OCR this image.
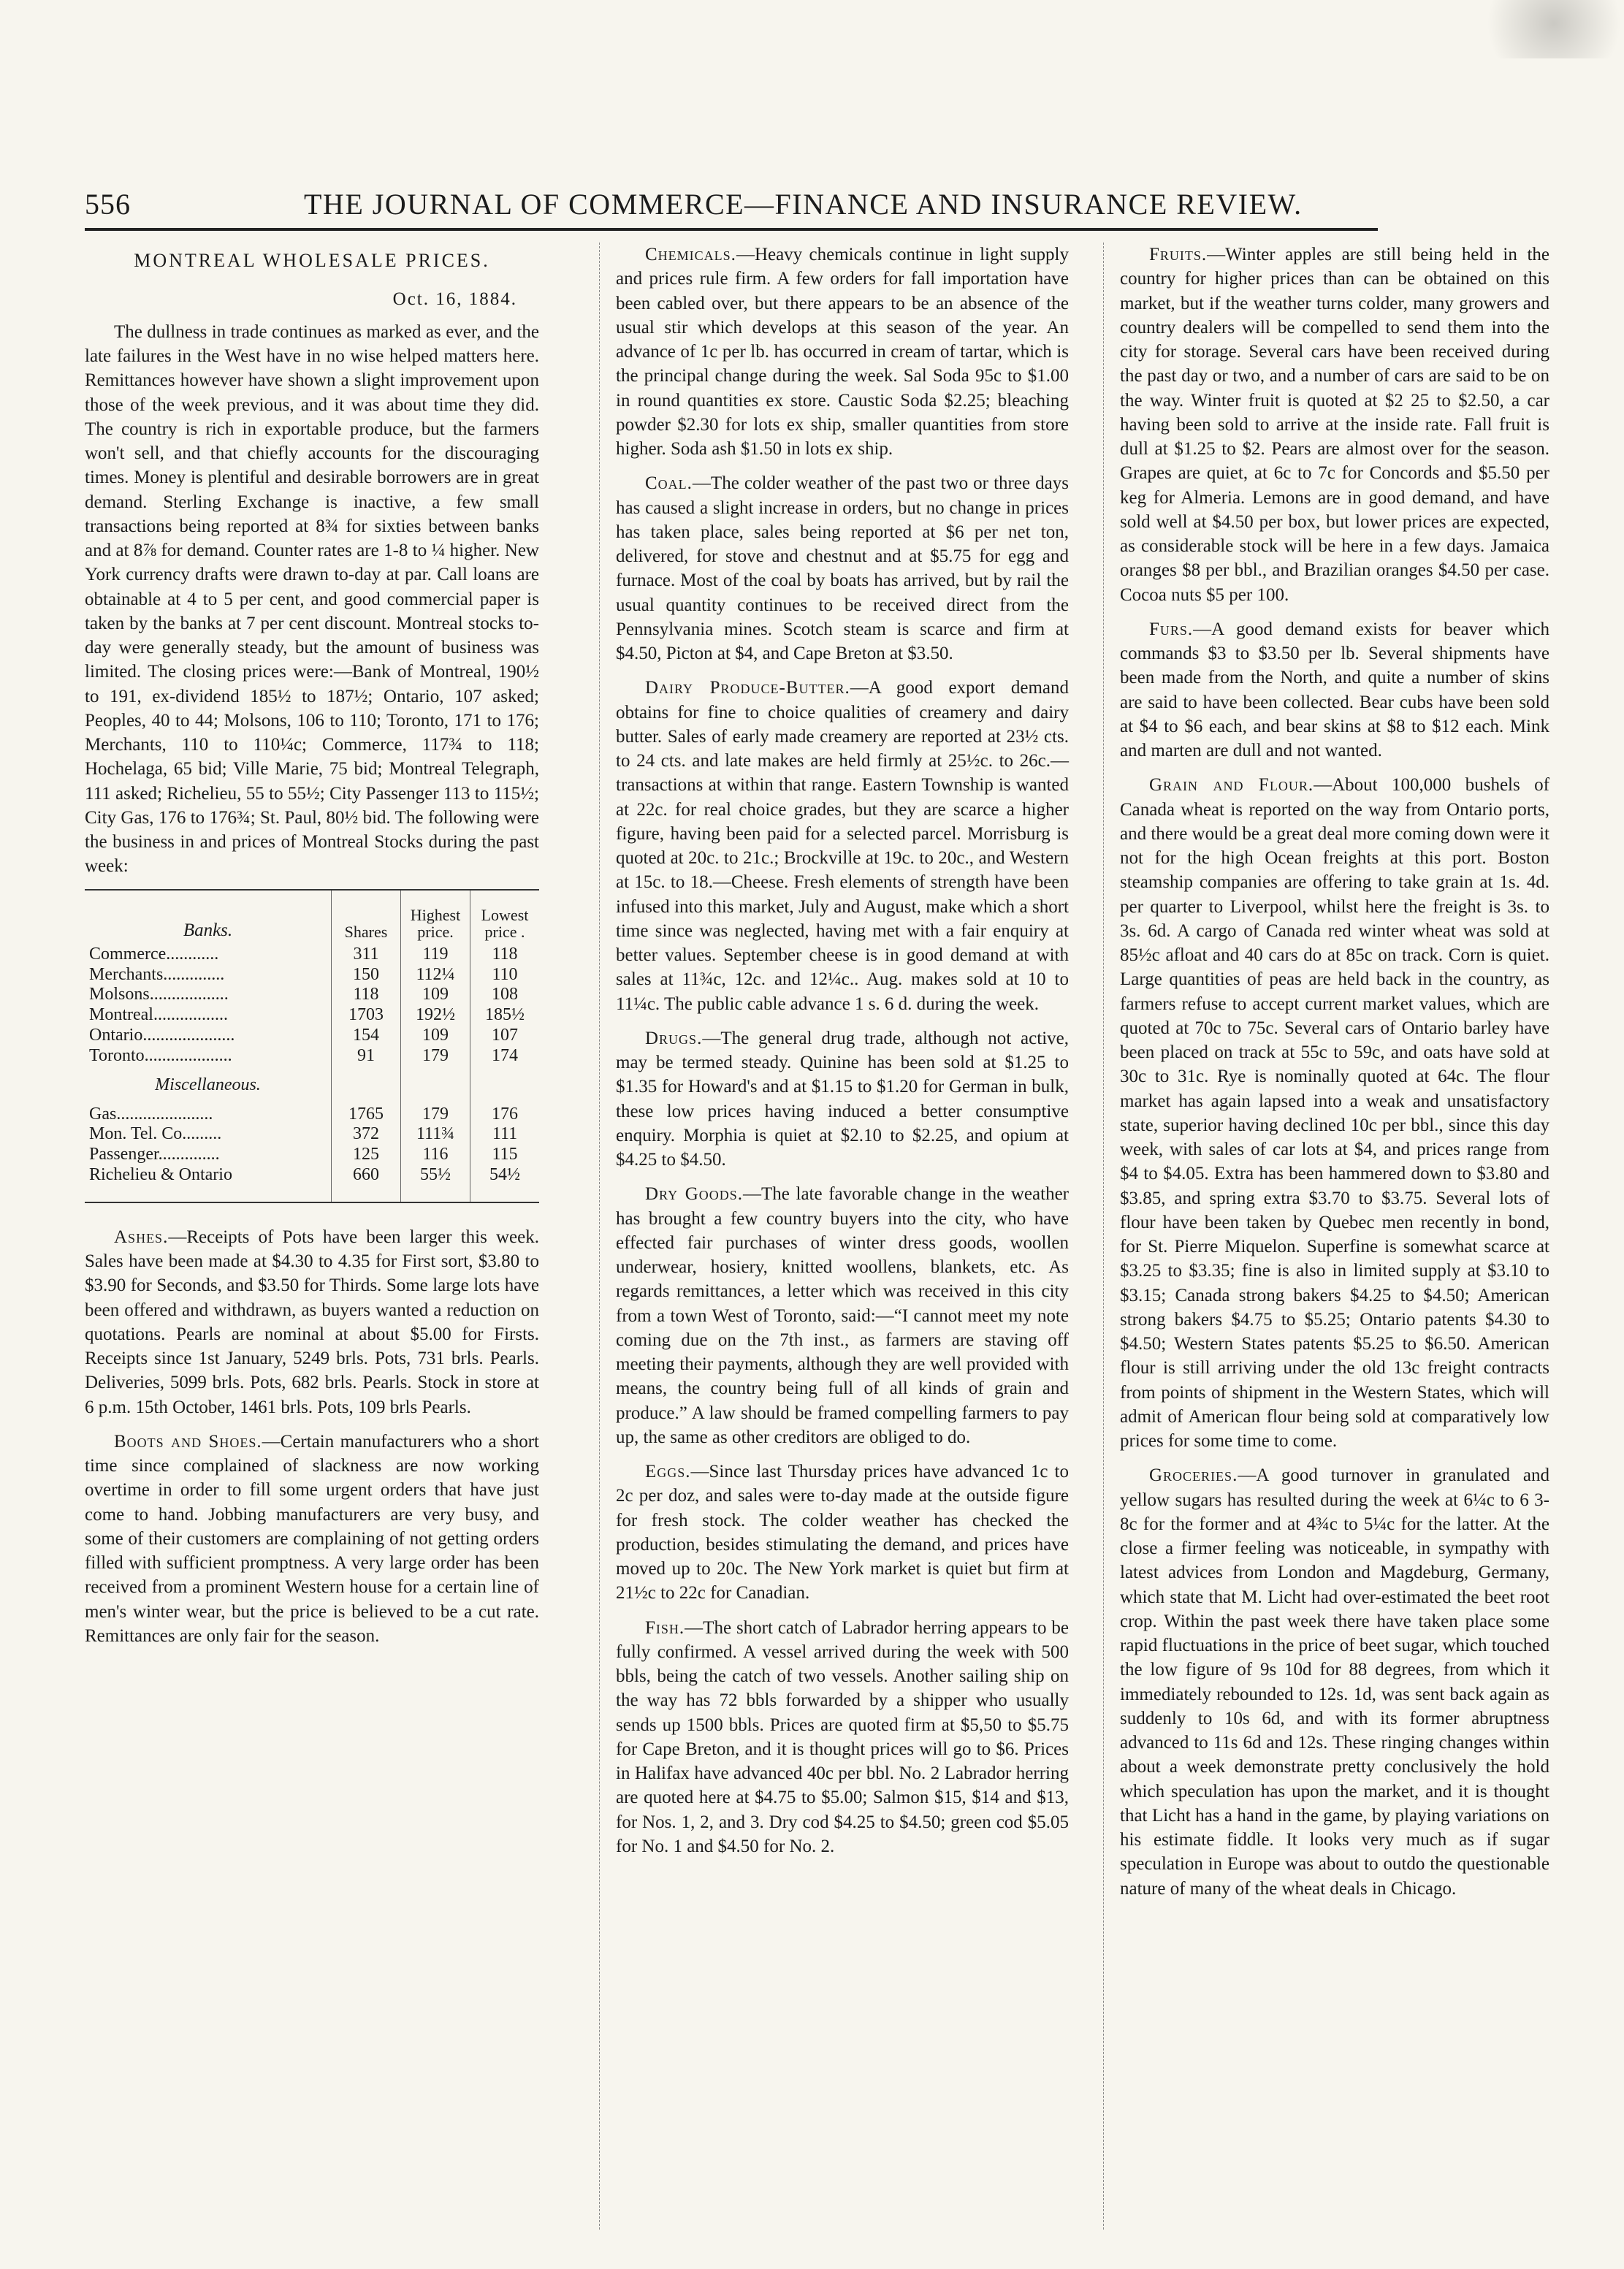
556	THE JOURNAL OF COMMERCE—FINANCE AND INSURANCE REVIEW.
MONTREAL WHOLESALE PRICES.
Oct. 16, 1884.

The dullness in trade continues as marked as ever, and the late failures in the West have in no wise helped matters here. Remittances however have shown a slight improvement upon those of the week previous, and it was about time they did. The country is rich in exportable produce, but the farmers won't sell, and that chiefly accounts for the discouraging times. Money is plentiful and desirable borrowers are in great demand. Sterling Exchange is inactive, a few small transactions being reported at 8¾ for sixties between banks and at 8⅞ for demand. Counter rates are 1-8 to ¼ higher. New York currency drafts were drawn to-day at par. Call loans are obtainable at 4 to 5 per cent, and good commercial paper is taken by the banks at 7 per cent discount. Montreal stocks to-day were generally steady, but the amount of business was limited. The closing prices were:—Bank of Montreal, 190½ to 191, ex-dividend 185½ to 187½; Ontario, 107 asked; Peoples, 40 to 44; Molsons, 106 to 110; Toronto, 171 to 176; Merchants, 110 to 110¼c; Commerce, 117¾ to 118; Hochelaga, 65 bid; Ville Marie, 75 bid; Montreal Telegraph, 111 asked; Richelieu, 55 to 55½; City Passenger 113 to 115½; City Gas, 176 to 176¾; St. Paul, 80½ bid. The following were the business in and prices of Montreal Stocks during the past week:

Banks.	Shares	Highest price.	Lowest price .
Commerce............	311	119	118
Merchants..............	150	112¼	110
Molsons..................	118	109	108
Montreal.................	1703	192½	185½
Ontario.....................	154	109	107
Toronto....................	91	179	174
Miscellaneous.			
Gas......................	1765	179	176
Mon. Tel. Co.........	372	111¾	111
Passenger..............	125	116	115
Richelieu & Ontario	660	55½	54½

Ashes.—Receipts of Pots have been larger this week. Sales have been made at $4.30 to 4.35 for First sort, $3.80 to $3.90 for Seconds, and $3.50 for Thirds. Some large lots have been offered and withdrawn, as buyers wanted a reduction on quotations. Pearls are nominal at about $5.00 for Firsts. Receipts since 1st January, 5249 brls. Pots, 731 brls. Pearls. Deliveries, 5099 brls. Pots, 682 brls. Pearls. Stock in store at 6 p.m. 15th October, 1461 brls. Pots, 109 brls Pearls.

Boots and Shoes.—Certain manufacturers who a short time since complained of slackness are now working overtime in order to fill some urgent orders that have just come to hand. Jobbing manufacturers are very busy, and some of their customers are complaining of not getting orders filled with sufficient promptness. A very large order has been received from a prominent Western house for a certain line of men's winter wear, but the price is believed to be a cut rate. Remittances are only fair for the season.

Chemicals.—Heavy chemicals continue in light supply and prices rule firm. A few orders for fall importation have been cabled over, but there appears to be an absence of the usual stir which develops at this season of the year. An advance of 1c per lb. has occurred in cream of tartar, which is the principal change during the week. Sal Soda 95c to $1.00 in round quantities ex store. Caustic Soda $2.25; bleaching powder $2.30 for lots ex ship, smaller quantities from store higher. Soda ash $1.50 in lots ex ship.

Coal.—The colder weather of the past two or three days has caused a slight increase in orders, but no change in prices has taken place, sales being reported at $6 per net ton, delivered, for stove and chestnut and at $5.75 for egg and furnace. Most of the coal by boats has arrived, but by rail the usual quantity continues to be received direct from the Pennsylvania mines. Scotch steam is scarce and firm at $4.50, Picton at $4, and Cape Breton at $3.50.

Dairy Produce-Butter.—A good export demand obtains for fine to choice qualities of creamery and dairy butter. Sales of early made creamery are reported at 23½ cts. to 24 cts. and late makes are held firmly at 25½c. to 26c.—transactions at within that range. Eastern Township is wanted at 22c. for real choice grades, but they are scarce a higher figure, having been paid for a selected parcel. Morrisburg is quoted at 20c. to 21c.; Brockville at 19c. to 20c., and Western at 15c. to 18.—Cheese. Fresh elements of strength have been infused into this market, July and August, make which a short time since was neglected, having met with a fair enquiry at better values. September cheese is in good demand at with sales at 11¾c, 12c. and 12¼c.. Aug. makes sold at 10 to 11¼c. The public cable advance 1 s. 6 d. during the week.

Drugs.—The general drug trade, although not active, may be termed steady. Quinine has been sold at $1.25 to $1.35 for Howard's and at $1.15 to $1.20 for German in bulk, these low prices having induced a better consumptive enquiry. Morphia is quiet at $2.10 to $2.25, and opium at $4.25 to $4.50.

Dry Goods.—The late favorable change in the weather has brought a few country buyers into the city, who have effected fair purchases of winter dress goods, woollen underwear, hosiery, knitted woollens, blankets, etc. As regards remittances, a letter which was received in this city from a town West of Toronto, said:—“I cannot meet my note coming due on the 7th inst., as farmers are staving off meeting their payments, although they are well provided with means, the country being full of all kinds of grain and produce.” A law should be framed compelling farmers to pay up, the same as other creditors are obliged to do.

Eggs.—Since last Thursday prices have advanced 1c to 2c per doz, and sales were to-day made at the outside figure for fresh stock. The colder weather has checked the production, besides stimulating the demand, and prices have moved up to 20c. The New York market is quiet but firm at 21½c to 22c for Canadian.

Fish.—The short catch of Labrador herring appears to be fully confirmed. A vessel arrived during the week with 500 bbls, being the catch of two vessels. Another sailing ship on the way has 72 bbls forwarded by a shipper who usually sends up 1500 bbls. Prices are quoted firm at $5,50 to $5.75 for Cape Breton, and it is thought prices will go to $6. Prices in Halifax have advanced 40c per bbl. No. 2 Labrador herring are quoted here at $4.75 to $5.00; Salmon $15, $14 and $13, for Nos. 1, 2, and 3. Dry cod $4.25 to $4.50; green cod $5.05 for No. 1 and $4.50 for No. 2.

Fruits.—Winter apples are still being held in the country for higher prices than can be obtained on this market, but if the weather turns colder, many growers and country dealers will be compelled to send them into the city for storage. Several cars have been received during the past day or two, and a number of cars are said to be on the way. Winter fruit is quoted at $2 25 to $2.50, a car having been sold to arrive at the inside rate. Fall fruit is dull at $1.25 to $2. Pears are almost over for the season. Grapes are quiet, at 6c to 7c for Concords and $5.50 per keg for Almeria. Lemons are in good demand, and have sold well at $4.50 per box, but lower prices are expected, as considerable stock will be here in a few days. Jamaica oranges $8 per bbl., and Brazilian oranges $4.50 per case. Cocoa nuts $5 per 100.

Furs.—A good demand exists for beaver which commands $3 to $3.50 per lb. Several shipments have been made from the North, and quite a number of skins are said to have been collected. Bear cubs have been sold at $4 to $6 each, and bear skins at $8 to $12 each. Mink and marten are dull and not wanted.

Grain and Flour.—About 100,000 bushels of Canada wheat is reported on the way from Ontario ports, and there would be a great deal more coming down were it not for the high Ocean freights at this port. Boston steamship companies are offering to take grain at 1s. 4d. per quarter to Liverpool, whilst here the freight is 3s. to 3s. 6d. A cargo of Canada red winter wheat was sold at 85½c afloat and 40 cars do at 85c on track. Corn is quiet. Large quantities of peas are held back in the country, as farmers refuse to accept current market values, which are quoted at 70c to 75c. Several cars of Ontario barley have been placed on track at 55c to 59c, and oats have sold at 30c to 31c. Rye is nominally quoted at 64c. The flour market has again lapsed into a weak and unsatisfactory state, superior having declined 10c per bbl., since this day week, with sales of car lots at $4, and prices range from $4 to $4.05. Extra has been hammered down to $3.80 and $3.85, and spring extra $3.70 to $3.75. Several lots of flour have been taken by Quebec men recently in bond, for St. Pierre Miquelon. Superfine is somewhat scarce at $3.25 to $3.35; fine is also in limited supply at $3.10 to $3.15; Canada strong bakers $4.25 to $4.50; American strong bakers $4.75 to $5.25; Ontario patents $4.30 to $4.50; Western States patents $5.25 to $6.50. American flour is still arriving under the old 13c freight contracts from points of shipment in the Western States, which will admit of American flour being sold at comparatively low prices for some time to come.

Groceries.—A good turnover in granulated and yellow sugars has resulted during the week at 6¼c to 6 3-8c for the former and at 4¾c to 5¼c for the latter. At the close a firmer feeling was noticeable, in sympathy with latest advices from London and Magdeburg, Germany, which state that M. Licht had over-estimated the beet root crop. Within the past week there have taken place some rapid fluctuations in the price of beet sugar, which touched the low figure of 9s 10d for 88 degrees, from which it immediately rebounded to 12s. 1d, was sent back again as suddenly to 10s 6d, and with its former abruptness advanced to 11s 6d and 12s. These ringing changes within about a week demonstrate pretty conclusively the hold which speculation has upon the market, and it is thought that Licht has a hand in the game, by playing variations on his estimate fiddle. It looks very much as if sugar speculation in Europe was about to outdo the questionable nature of many of the wheat deals in Chicago.
